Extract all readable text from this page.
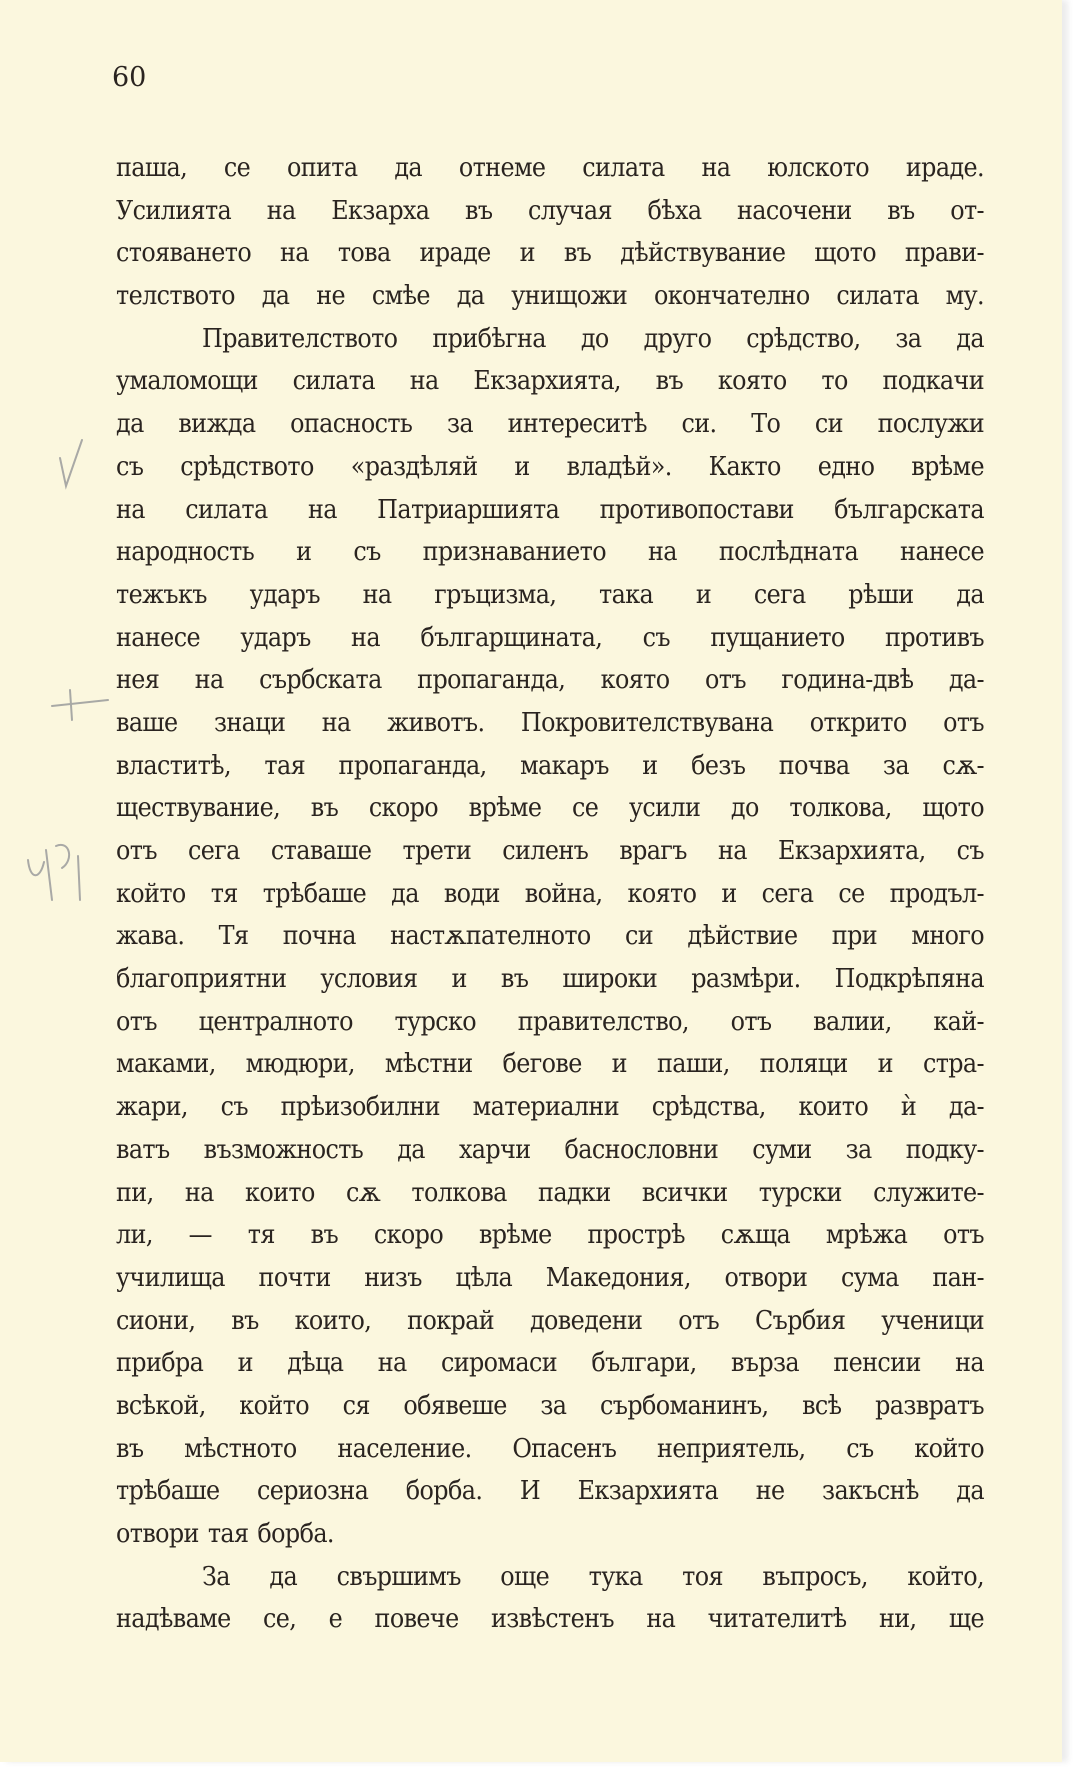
60
паша, се опита да отнеме силата на юлското ираде.
Усилията на Екзарха въ случая бѣха насочени въ от-
стояването на това ираде и въ дѣйствувание щото прави-
телството да не смѣе да унищожи окончателно силата му.
Правителството прибѣгна до друго срѣдство, за да
умаломощи силата на Екзархията, въ която то подкачи
да вижда опасность за интереситѣ си. То си послужи
съ срѣдството «раздѣляй и владѣй». Както едно врѣме
на силата на Патриаршията противопостави българската
народность и съ признаванието на послѣдната нанесе
тежъкъ ударъ на гръцизма, така и сега рѣши да
нанесе ударъ на българщината, съ пущанието противъ
нея на сърбската пропаганда, която отъ година-двѣ да-
ваше знаци на животъ. Покровителствувана открито отъ
властитѣ, тая пропаганда, макаръ и безъ почва за сѫ-
ществувание, въ скоро врѣме се усили до толкова, щото
отъ сега ставаше трети силенъ врагъ на Екзархията, съ
който тя трѣбаше да води война, която и сега се продъл-
жава. Тя почна настѫпателното си дѣйствие при много
благоприятни условия и въ широки размѣри. Подкрѣпяна
отъ централното турско правителство, отъ валии, кай-
маками, мюдюри, мѣстни бегове и паши, поляци и стра-
жари, съ прѣизобилни материални срѣдства, които ѝ да-
ватъ възможность да харчи баснословни суми за подку-
пи, на които сѫ толкова падки всички турски служите-
ли, — тя въ скоро врѣме прострѣ сѫща мрѣжа отъ
училища почти низъ цѣла Македония, отвори сума пан-
сиони, въ които, покрай доведени отъ Сърбия ученици
прибра и дѣца на сиромаси българи, върза пенсии на
всѣкой, който ся обявеше за сърбоманинъ, всѣ развратъ
въ мѣстното население. Опасенъ неприятель, съ който
трѣбаше сериозна борба. И Екзархията не закъснѣ да
отвори тая борба.
За да свършимъ още тука тоя въпросъ, който,
надѣваме се, е повече извѣстенъ на читателитѣ ни, ще
